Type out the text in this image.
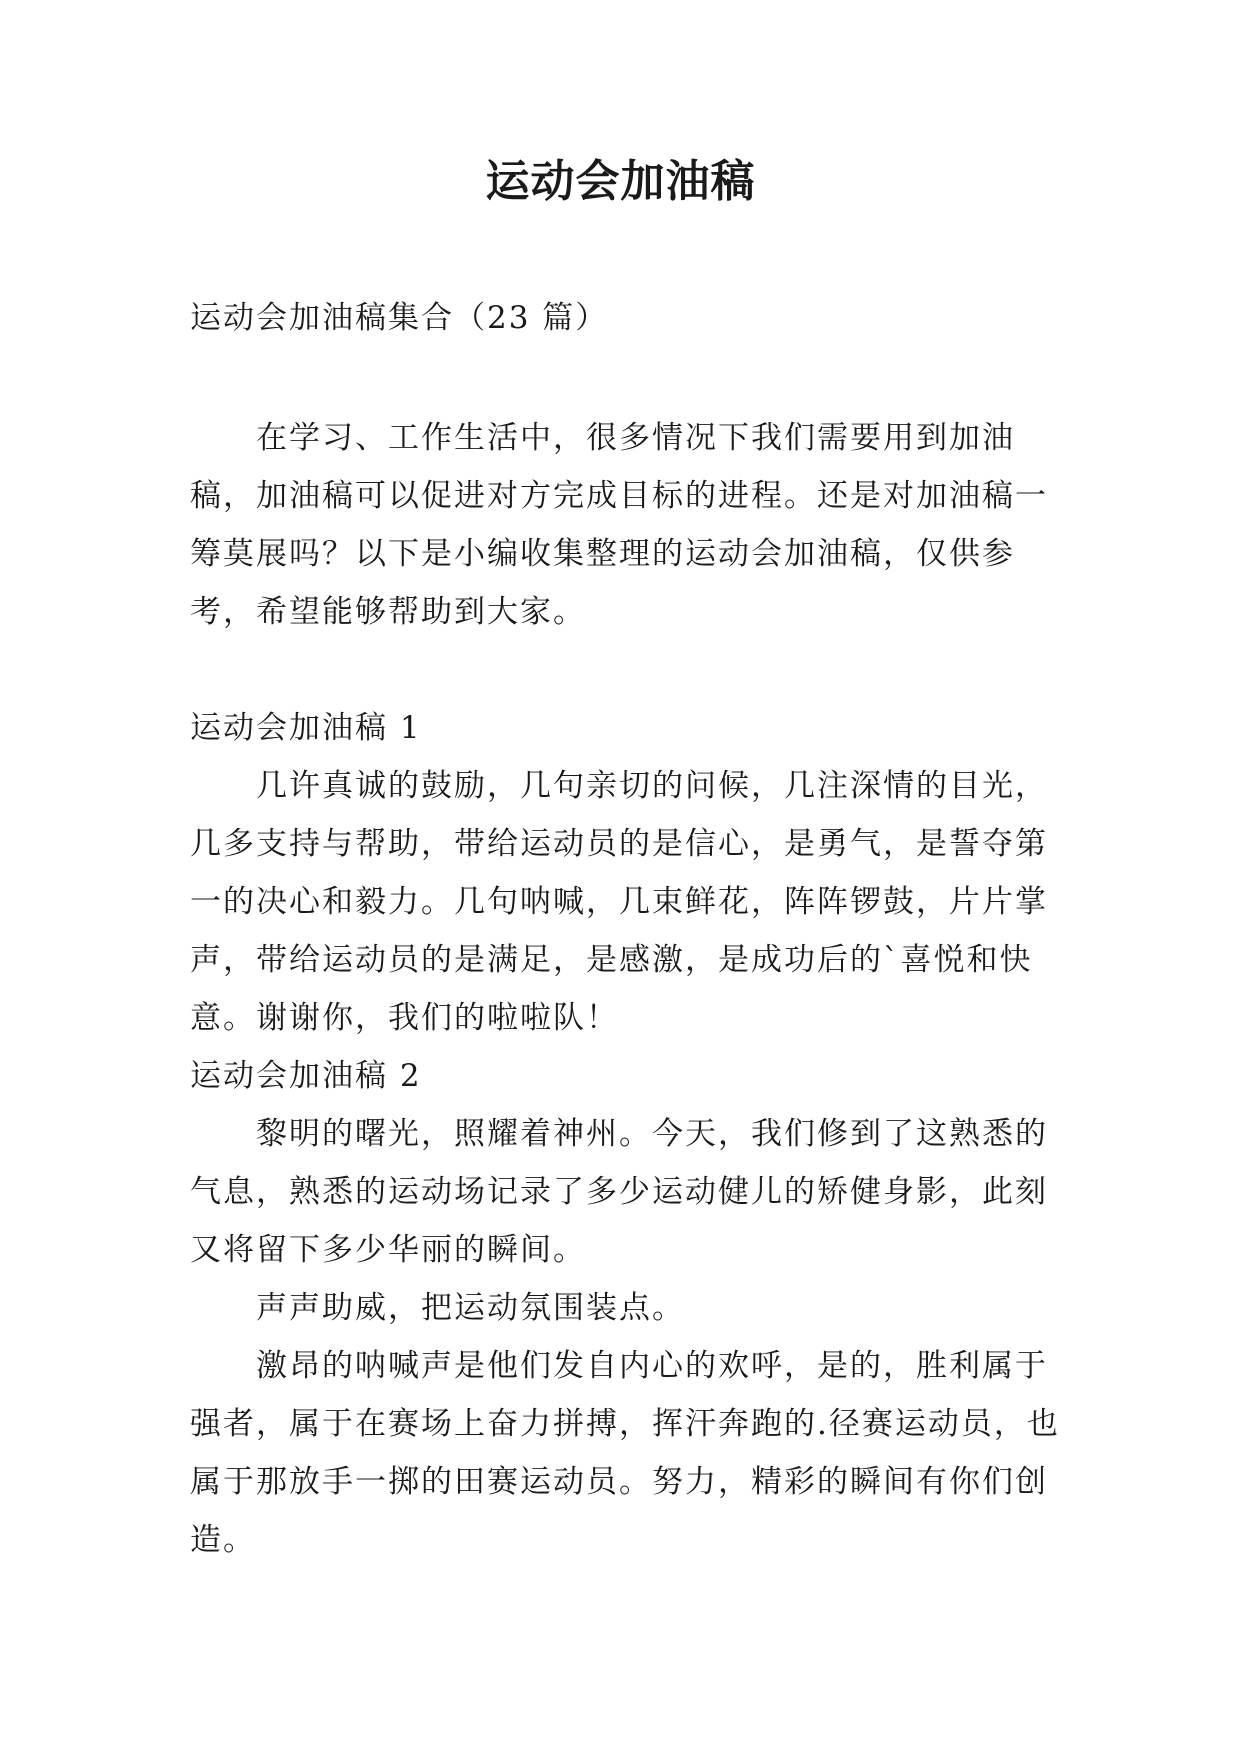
运动会加油稿

运动会加油稿集合（23 篇）

在学习、工作生活中，很多情况下我们需要用到加油稿，加油稿可以促进对方完成目标的进程。还是对加油稿一筹莫展吗？以下是小编收集整理的运动会加油稿，仅供参考，希望能够帮助到大家。

运动会加油稿 1

几许真诚的鼓励，几句亲切的问候，几注深情的目光，几多支持与帮助，带给运动员的是信心，是勇气，是誓夺第一的决心和毅力。几句呐喊，几束鲜花，阵阵锣鼓，片片掌声，带给运动员的是满足，是感激，是成功后的`喜悦和快意。谢谢你，我们的啦啦队！

运动会加油稿 2

黎明的曙光，照耀着神州。今天，我们修到了这熟悉的气息，熟悉的运动场记录了多少运动健儿的矫健身影，此刻又将留下多少华丽的瞬间。

声声助威，把运动氛围装点。

激昂的呐喊声是他们发自内心的欢呼，是的，胜利属于强者，属于在赛场上奋力拼搏，挥汗奔跑的.径赛运动员，也属于那放手一掷的田赛运动员。努力，精彩的瞬间有你们创造。
